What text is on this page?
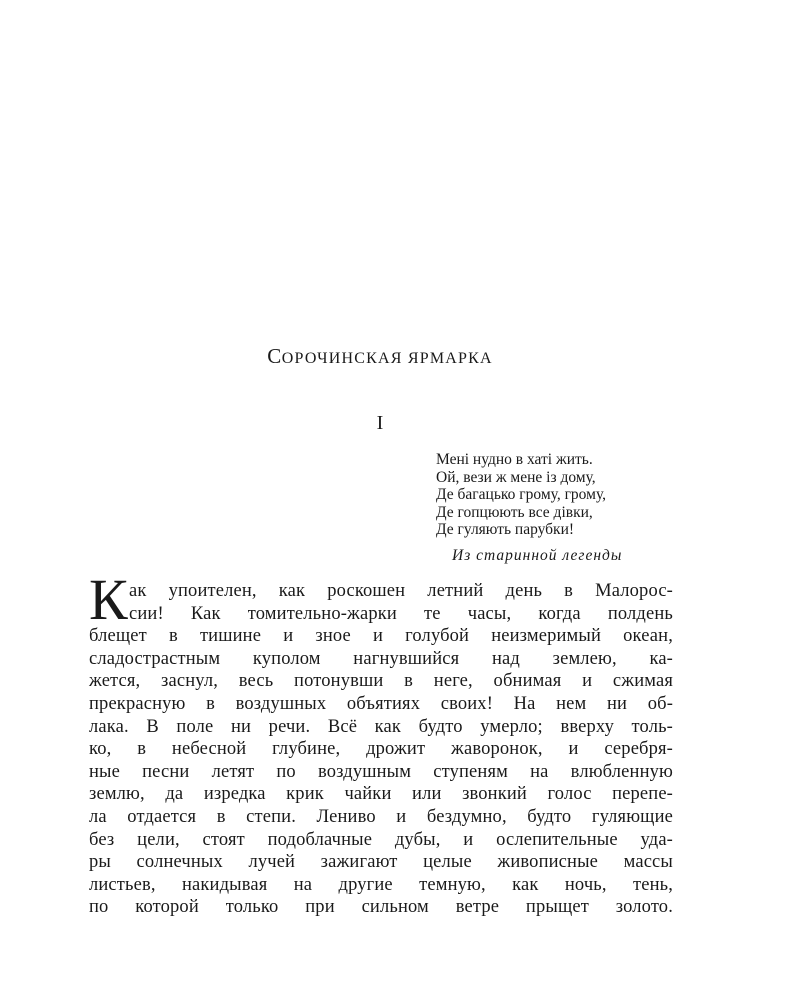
СОРОЧИНСКАЯ ЯРМАРКА
I
Мені нудно в хаті жить.
Ой, вези ж мене із дому,
Де багацько грому, грому,
Де гопцюють все дівки,
Де гуляють парубки!
Из старинной легенды
К ак упоителен, как роскошен летний день в Малорос-
сии! Как томительно-жарки те часы, когда полдень
блещет в тишине и зное и голубой неизмеримый океан,
сладострастным куполом нагнувшийся над землею, ка-
жется, заснул, весь потонувши в неге, обнимая и сжимая
прекрасную в воздушных объятиях своих! На нем ни об-
лака. В поле ни речи. Всё как будто умерло; вверху толь-
ко, в небесной глубине, дрожит жаворонок, и серебря-
ные песни летят по воздушным ступеням на влюбленную
землю, да изредка крик чайки или звонкий голос перепе-
ла отдается в степи. Лениво и бездумно, будто гуляющие
без цели, стоят подоблачные дубы, и ослепительные уда-
ры солнечных лучей зажигают целые живописные массы
листьев, накидывая на другие темную, как ночь, тень,
по которой только при сильном ветре прыщет золото.
